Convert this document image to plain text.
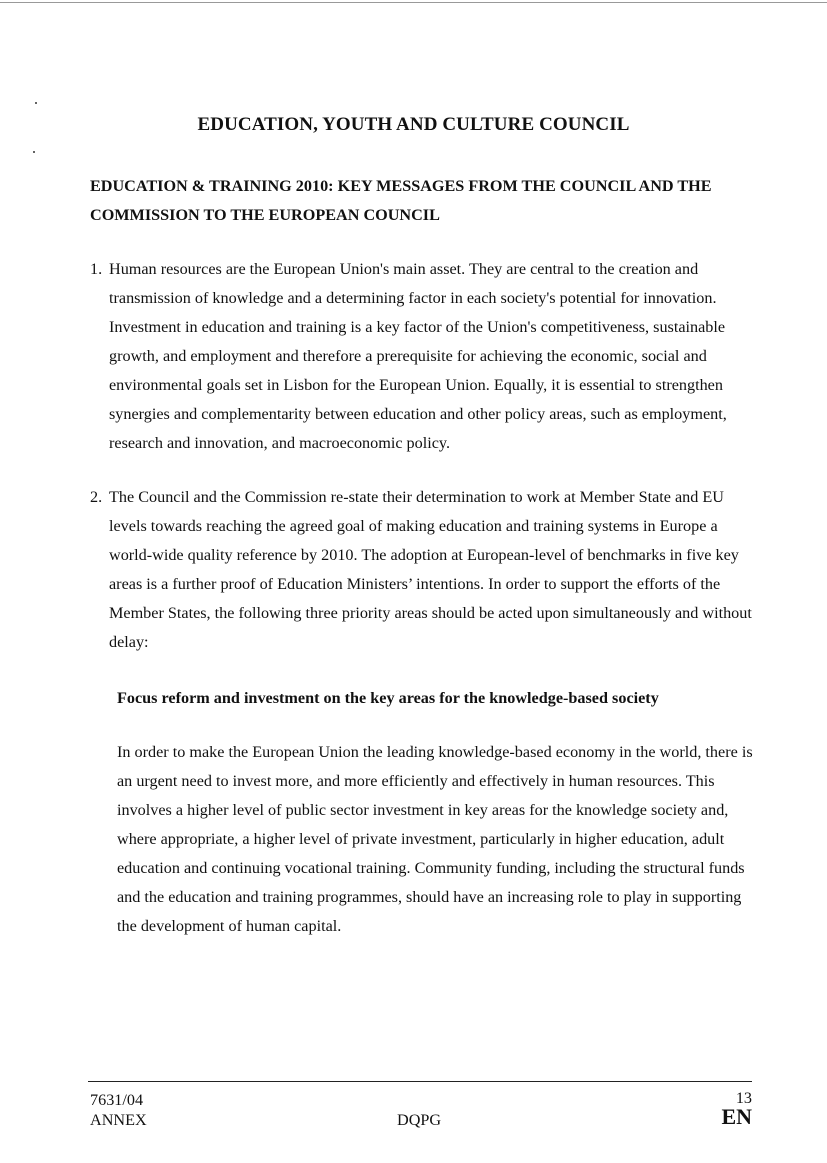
EDUCATION, YOUTH AND CULTURE COUNCIL
EDUCATION & TRAINING 2010: KEY MESSAGES FROM THE COUNCIL AND THE COMMISSION TO THE EUROPEAN COUNCIL
1. Human resources are the European Union's main asset. They are central to the creation and transmission of knowledge and a determining factor in each society's potential for innovation. Investment in education and training is a key factor of the Union's competitiveness, sustainable growth, and employment and therefore a prerequisite for achieving the economic, social and environmental goals set in Lisbon for the European Union. Equally, it is essential to strengthen synergies and complementarity between education and other policy areas, such as employment, research and innovation, and macroeconomic policy.
2. The Council and the Commission re-state their determination to work at Member State and EU levels towards reaching the agreed goal of making education and training systems in Europe a world-wide quality reference by 2010. The adoption at European-level of benchmarks in five key areas is a further proof of Education Ministers’ intentions. In order to support the efforts of the Member States, the following three priority areas should be acted upon simultaneously and without delay:
Focus reform and investment on the key areas for the knowledge-based society
In order to make the European Union the leading knowledge-based economy in the world, there is an urgent need to invest more, and more efficiently and effectively in human resources. This involves a higher level of public sector investment in key areas for the knowledge society and, where appropriate, a higher level of private investment, particularly in higher education, adult education and continuing vocational training. Community funding, including the structural funds and the education and training programmes, should have an increasing role to play in supporting the development of human capital.
7631/04
ANNEX	DQPG
13
EN
